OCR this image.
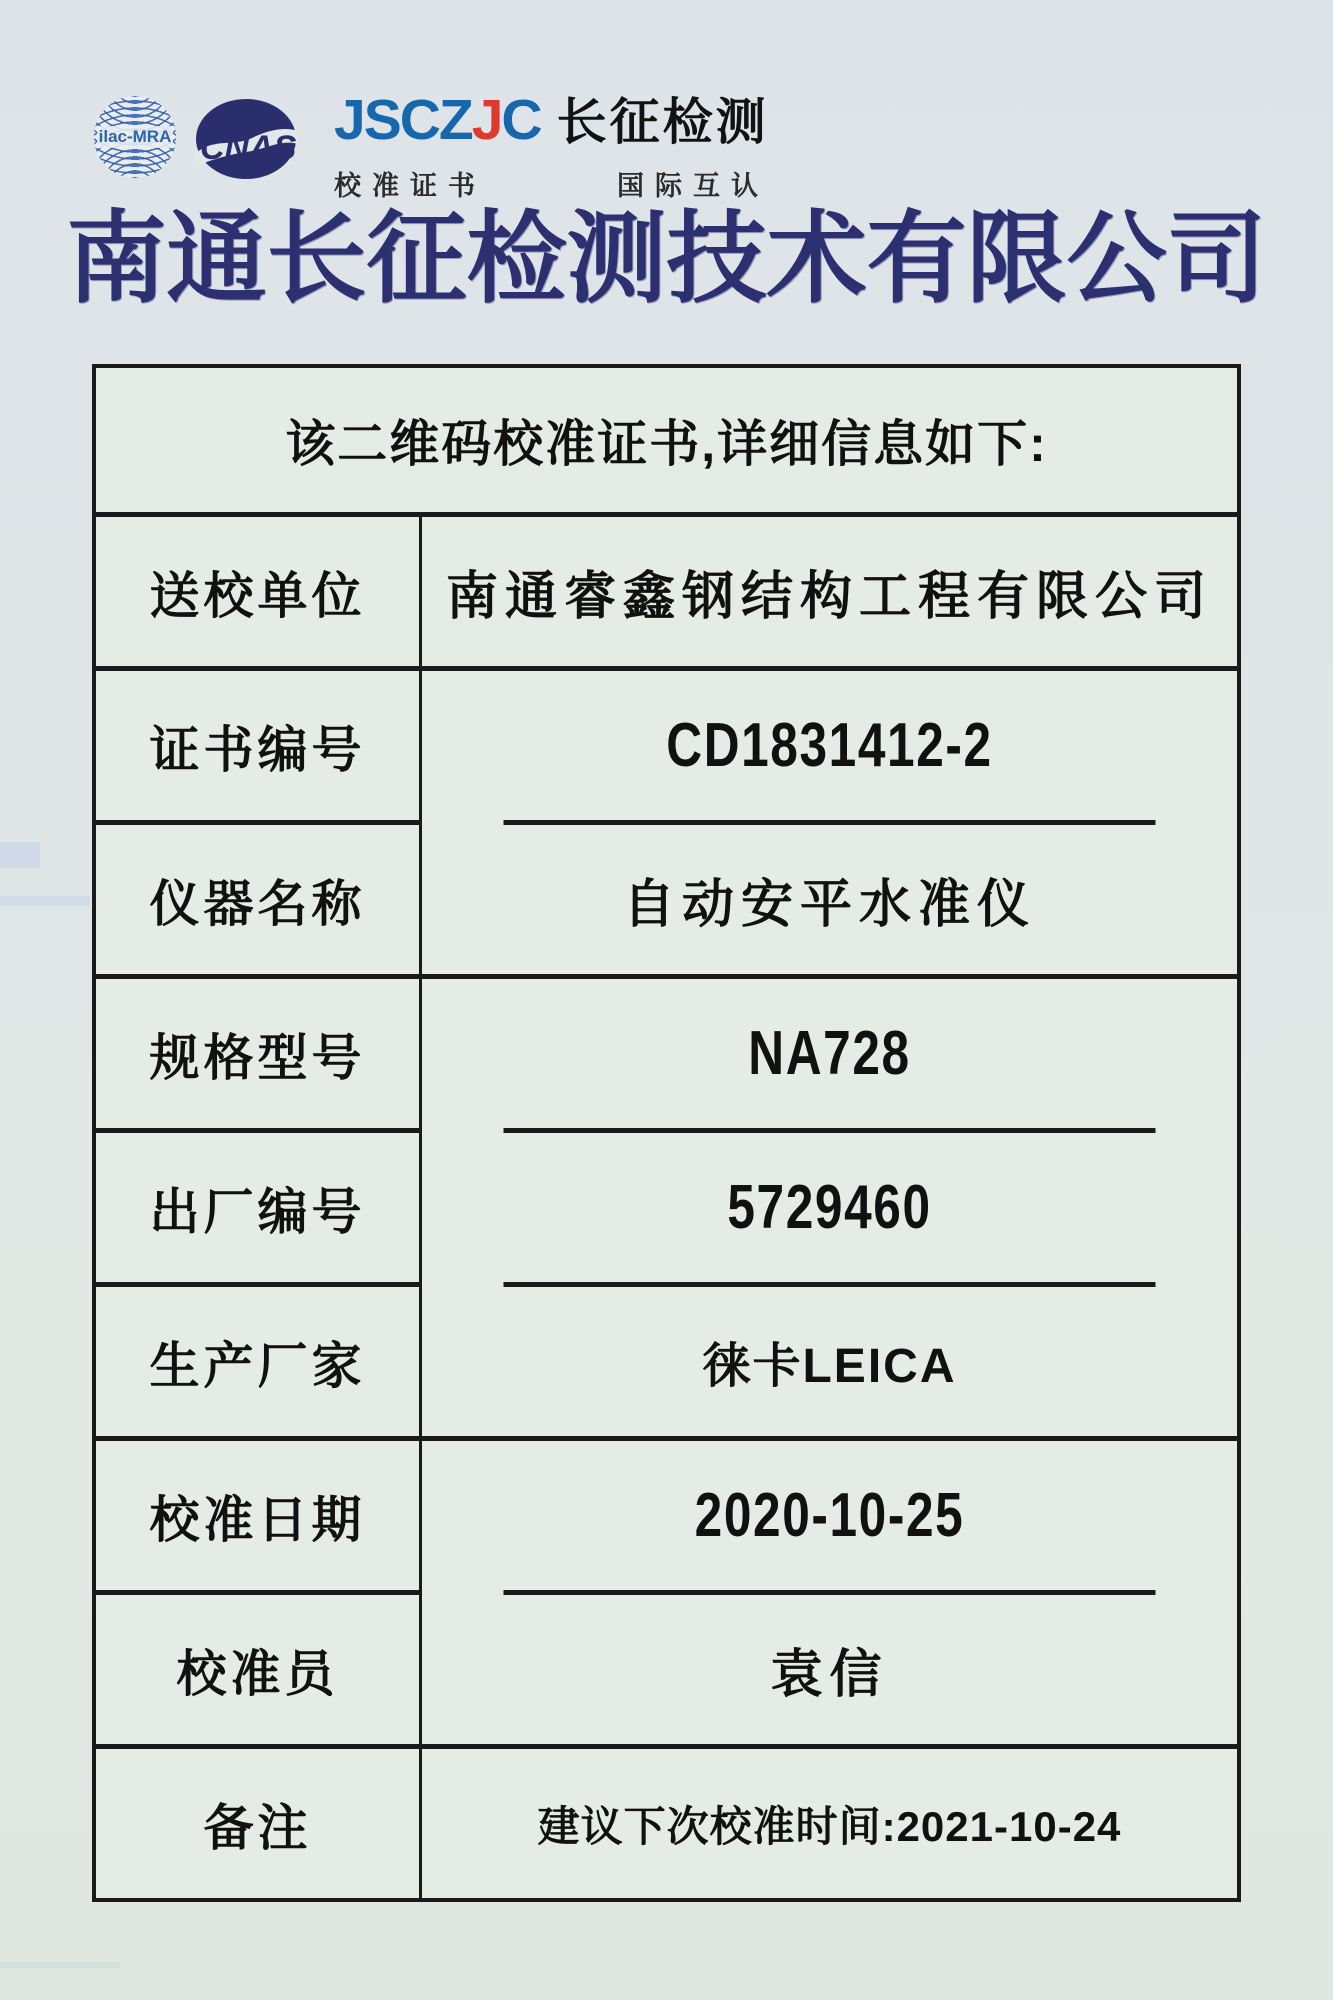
ilac-MRA CNAS JSCZJC 长征检测
校准证书	国际互认
南通长征检测技术有限公司
该二维码校准证书,详细信息如下:
送校单位	南通睿鑫钢结构工程有限公司
证书编号	CD1831412-2
仪器名称	自动安平水准仪
规格型号	NA728
出厂编号	5729460
生产厂家	徕卡LEICA
校准日期	2020-10-25
校准员	袁信
备注	建议下次校准时间:2021-10-24
